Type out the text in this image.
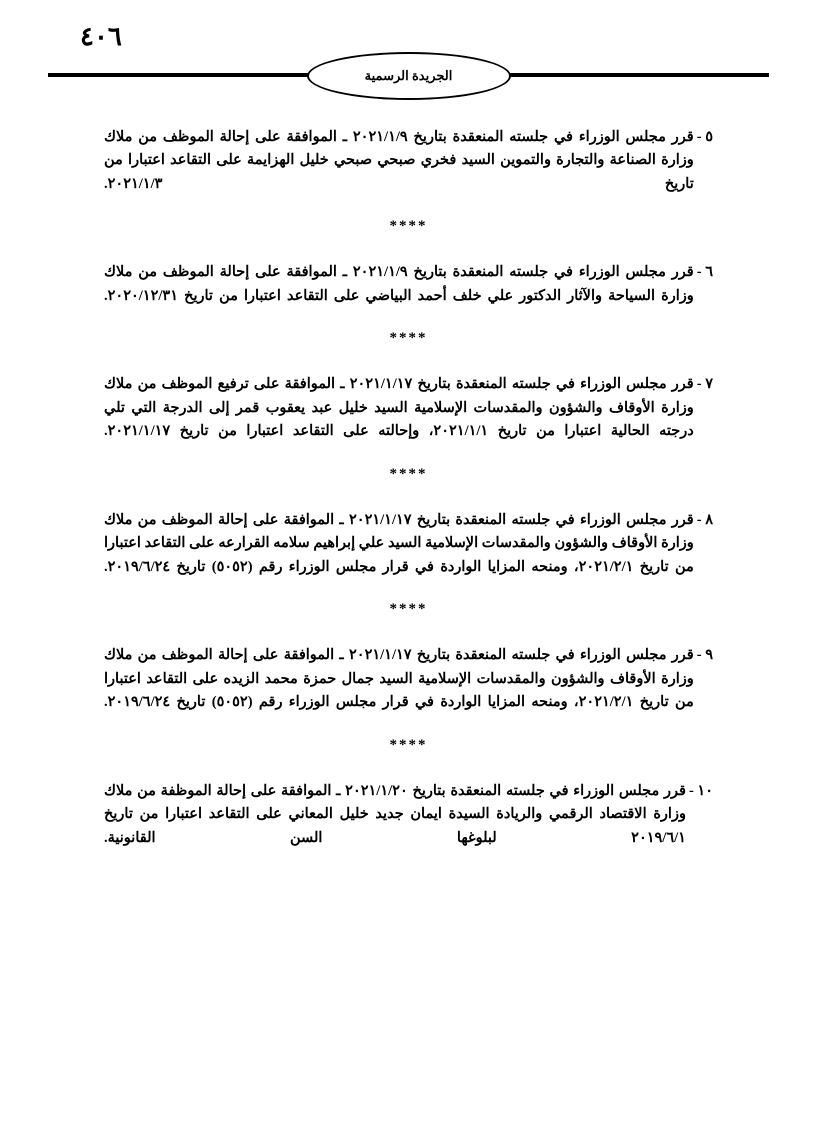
٤٠٦
الجريدة الرسمية
٥ -
قرر مجلس الوزراء في جلسته المنعقدة بتاريخ ٢٠٢١/١/٩ ـ الموافقة على إحالة الموظف من ملاك وزارة الصناعة والتجارة والتموين السيد فخري صبحي صبحي خليل الهزايمة على التقاعد اعتبارا من تاريخ ٢٠٢١/١/٣.
****
٦ -
قرر مجلس الوزراء في جلسته المنعقدة بتاريخ ٢٠٢١/١/٩ ـ الموافقة على إحالة الموظف من ملاك وزارة السياحة والآثار الدكتور علي خلف أحمد البياضي على التقاعد اعتبارا من تاريخ ٢٠٢٠/١٢/٣١.
****
٧ -
قرر مجلس الوزراء في جلسته المنعقدة بتاريخ ٢٠٢١/١/١٧ ـ الموافقة على ترفيع الموظف من ملاك وزارة الأوقاف والشؤون والمقدسات الإسلامية السيد خليل عبد يعقوب قمر إلى الدرجة التي تلي درجته الحالية اعتبارا من تاريخ ٢٠٢١/١/١، وإحالته على التقاعد اعتبارا من تاريخ ٢٠٢١/١/١٧.
****
٨ -
قرر مجلس الوزراء في جلسته المنعقدة بتاريخ ٢٠٢١/١/١٧ ـ الموافقة على إحالة الموظف من ملاك وزارة الأوقاف والشؤون والمقدسات الإسلامية السيد علي إبراهيم سلامه القرارعه على التقاعد اعتبارا من تاريخ ٢٠٢١/٢/١، ومنحه المزايا الواردة في قرار مجلس الوزراء رقم (٥٠٥٢) تاريخ ٢٠١٩/٦/٢٤.
****
٩ -
قرر مجلس الوزراء في جلسته المنعقدة بتاريخ ٢٠٢١/١/١٧ ـ الموافقة على إحالة الموظف من ملاك وزارة الأوقاف والشؤون والمقدسات الإسلامية السيد جمال حمزة محمد الزيده على التقاعد اعتبارا من تاريخ ٢٠٢١/٢/١، ومنحه المزايا الواردة في قرار مجلس الوزراء رقم (٥٠٥٢) تاريخ ٢٠١٩/٦/٢٤.
****
١٠ -
قرر مجلس الوزراء في جلسته المنعقدة بتاريخ ٢٠٢١/١/٢٠ ـ الموافقة على إحالة الموظفة من ملاك وزارة الاقتصاد الرقمي والريادة السيدة ايمان جديد خليل المعاني على التقاعد اعتبارا من تاريخ ٢٠١٩/٦/١ لبلوغها السن القانونية.
